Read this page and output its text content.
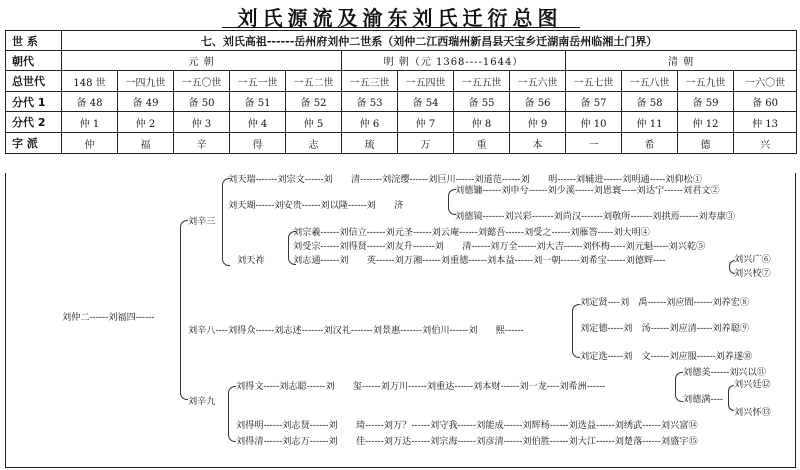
刘氏源流及渝东刘氏迁衍总图
世 系	七、刘氏高祖------岳州府刘仲二世系（刘仲二江西瑞州新昌县天宝乡迁湖南岳州临湘土门界）												
朝代	元 朝					明 朝（元 1368----1644）				清 朝			
总世代	148 世	一四九世	一五〇世	一五一世	一五二世	一五三世	一五四世	一五五世	一五六世	一五七世	一五八世	一五九世	一六〇世
分代 1	备 48	备 49	备 50	备 51	备 52	备 53	备 54	备 55	备 56	备 57	备 58	备 59	备 60
分代 2	仲 1	仲 2	仲 3	仲 4	仲 5	仲 6	仲 7	仲 8	仲 9	仲 10	仲 11	仲 12	仲 13
字 派	仲	福	辛	得	志	琉	万	重	本	一	希	德	兴
刘仲二------刘福四------
刘辛三
刘天瑞-------刘宗文------刘　　清-------刘浣缨------刘巨川------刘道范------刘　　明------刘辅进------刘明通-----刘仰松①
刘德镛------刘申兮------刘少溪------刘恩寰-----刘达宁------刘君文②
刘天瑚------刘安贵------刘以隆------刘　　济
刘德镜-------刘兴彩-------刘尚汉-------刘敬所-------刘拱焉------刘寿康③
刘天祚
刘宗羲------刘信立------刘元圣------刘云庵------刘懿吾------刘受之------刘雁答-----刘大明④
刘受宗------刘得贤------刘友升-------刘　　清------刘万全------刘大吉------刘怀梅-----刘元魁-----刘兴乾⑤
刘志通------刘　　英------刘万湘------刘重德------刘本益------刘一朝------刘希宝------刘德辉----	刘兴广⑥
刘兴校⑦
刘辛八----刘得众------刘志述-------刘汉礼-------刘景惠-------刘伯川------刘　　熙------
刘定贤----刘　禹------刘应間------刘养宏⑧
刘定德-----刘　汤------刘应清-----刘养聪⑨
刘定选-----刘　文------刘应服------刘养遂⑩
刘辛九
刘得文-----刘志聪------刘　　玺------刘万川------刘重达------刘本财------刘一龙----刘希洲------
刘德美------刘兴以⑪
刘德满----
刘兴廷⑫
刘兴怀⑬
刘得明------刘志贤------刘　　琦------刘万？------刘守我------刘能成------刘辉杨------刘选益------刘绣武------刘兴富⑭
刘得清------刘志万------刘　　佳------刘万达------刘宗海------刘彦清------刘伯胜------刘大江------刘楚落------刘盛宇⑮
